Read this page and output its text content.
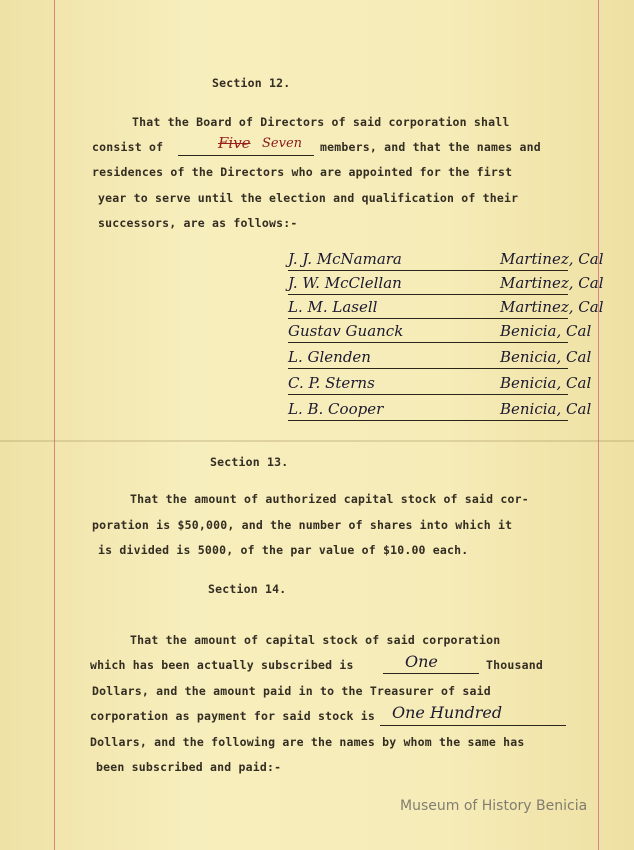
Section 12.
That the Board of Directors of said corporation shall
consist of	Five Seven members, and that the names and
residences of the Directors who are appointed for the first
year to serve until the election and qualification of their
successors, are as follows:-
J. J. McNamara	Martinez, Cal
J. W. McClellan	Martinez, Cal
L. M. Lasell	Martinez, Cal
Gustav Guanck	Benicia, Cal
L. Glenden	Benicia, Cal
C. P. Sterns	Benicia, Cal
L. B. Cooper	Benicia, Cal
Section 13.
That the amount of authorized capital stock of said cor-
poration is $50,000, and the number of shares into which it
is divided is 5000, of the par value of $10.00 each.
Section 14.
That the amount of capital stock of said corporation
which has been actually subscribed is	One	Thousand
Dollars, and the amount paid in to the Treasurer of said
corporation as payment for said stock is One Hundred
Dollars, and the following are the names by whom the same has
been subscribed and paid:-
Museum of History Benicia
